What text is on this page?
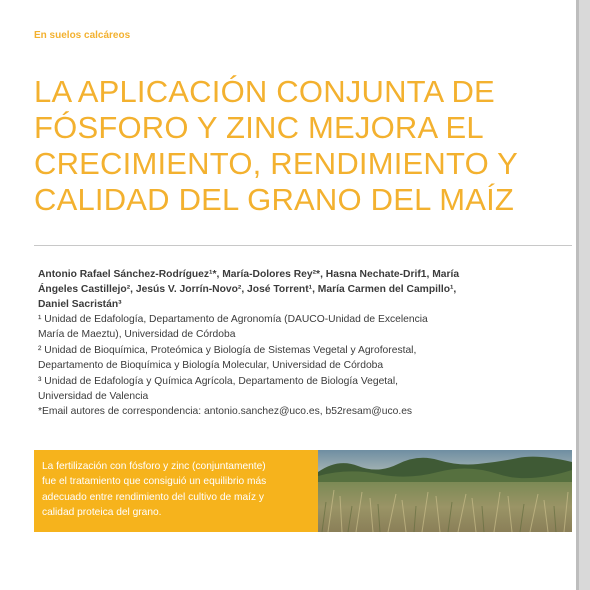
En suelos calcáreos
LA APLICACIÓN CONJUNTA DE
FÓSFORO Y ZINC MEJORA EL
CRECIMIENTO, RENDIMIENTO Y
CALIDAD DEL GRANO DEL MAÍZ
Antonio Rafael Sánchez-Rodríguez¹*, María-Dolores Rey²*, Hasna Nechate-Drif1, María
Ángeles Castillejo², Jesús V. Jorrín-Novo², José Torrent¹, María Carmen del Campillo¹,
Daniel Sacristán³
¹ Unidad de Edafología, Departamento de Agronomía (DAUCO-Unidad de Excelencia
María de Maeztu), Universidad de Córdoba
² Unidad de Bioquímica, Proteómica y Biología de Sistemas Vegetal y Agroforestal,
Departamento de Bioquímica y Biología Molecular, Universidad de Córdoba
³ Unidad de Edafología y Química Agrícola, Departamento de Biología Vegetal,
Universidad de Valencia
*Email autores de correspondencia: antonio.sanchez@uco.es, b52resam@uco.es
La fertilización con fósforo y zinc (conjuntamente)
fue el tratamiento que consiguió un equilibrio más
adecuado entre rendimiento del cultivo de maíz y
calidad proteica del grano.
